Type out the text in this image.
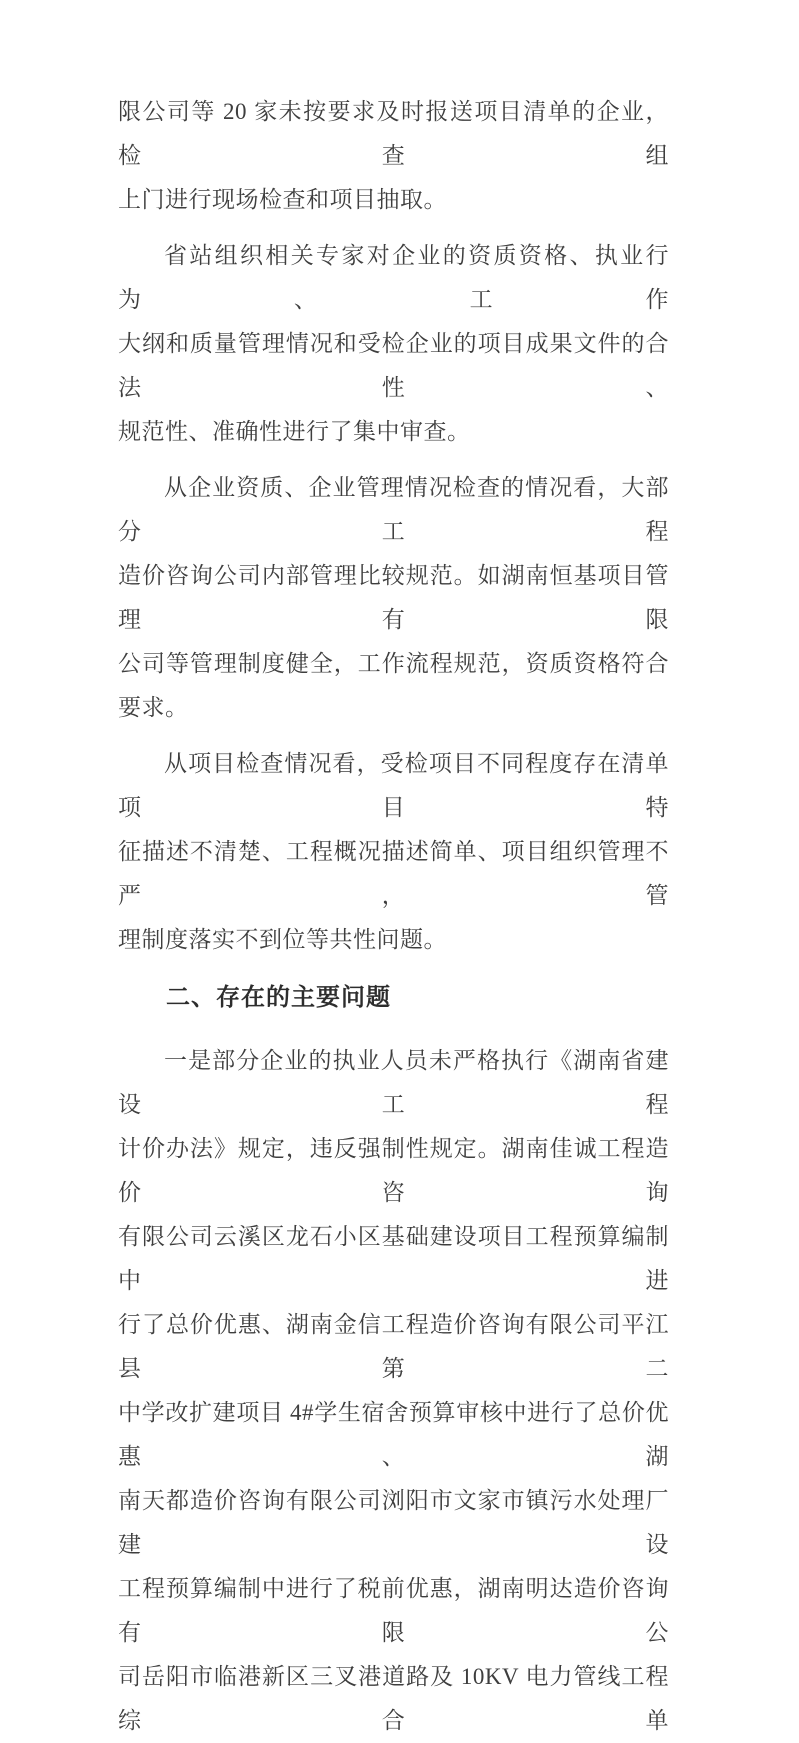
限公司等 20 家未按要求及时报送项目清单的企业，检查组
上门进行现场检查和项目抽取。
省站组织相关专家对企业的资质资格、执业行为、工作
大纲和质量管理情况和受检企业的项目成果文件的合法性、
规范性、准确性进行了集中审查。
从企业资质、企业管理情况检查的情况看，大部分工程
造价咨询公司内部管理比较规范。如湖南恒基项目管理有限
公司等管理制度健全，工作流程规范，资质资格符合要求。
从项目检查情况看，受检项目不同程度存在清单项目特
征描述不清楚、工程概况描述简单、项目组织管理不严，管
理制度落实不到位等共性问题。
二、存在的主要问题
一是部分企业的执业人员未严格执行《湖南省建设工程
计价办法》规定，违反强制性规定。湖南佳诚工程造价咨询
有限公司云溪区龙石小区基础建设项目工程预算编制中进
行了总价优惠、湖南金信工程造价咨询有限公司平江县第二
中学改扩建项目 4#学生宿舍预算审核中进行了总价优惠、湖
南天都造价咨询有限公司浏阳市文家市镇污水处理厂建设
工程预算编制中进行了税前优惠，湖南明达造价咨询有限公
司岳阳市临港新区三叉港道路及 10KV 电力管线工程综合单
